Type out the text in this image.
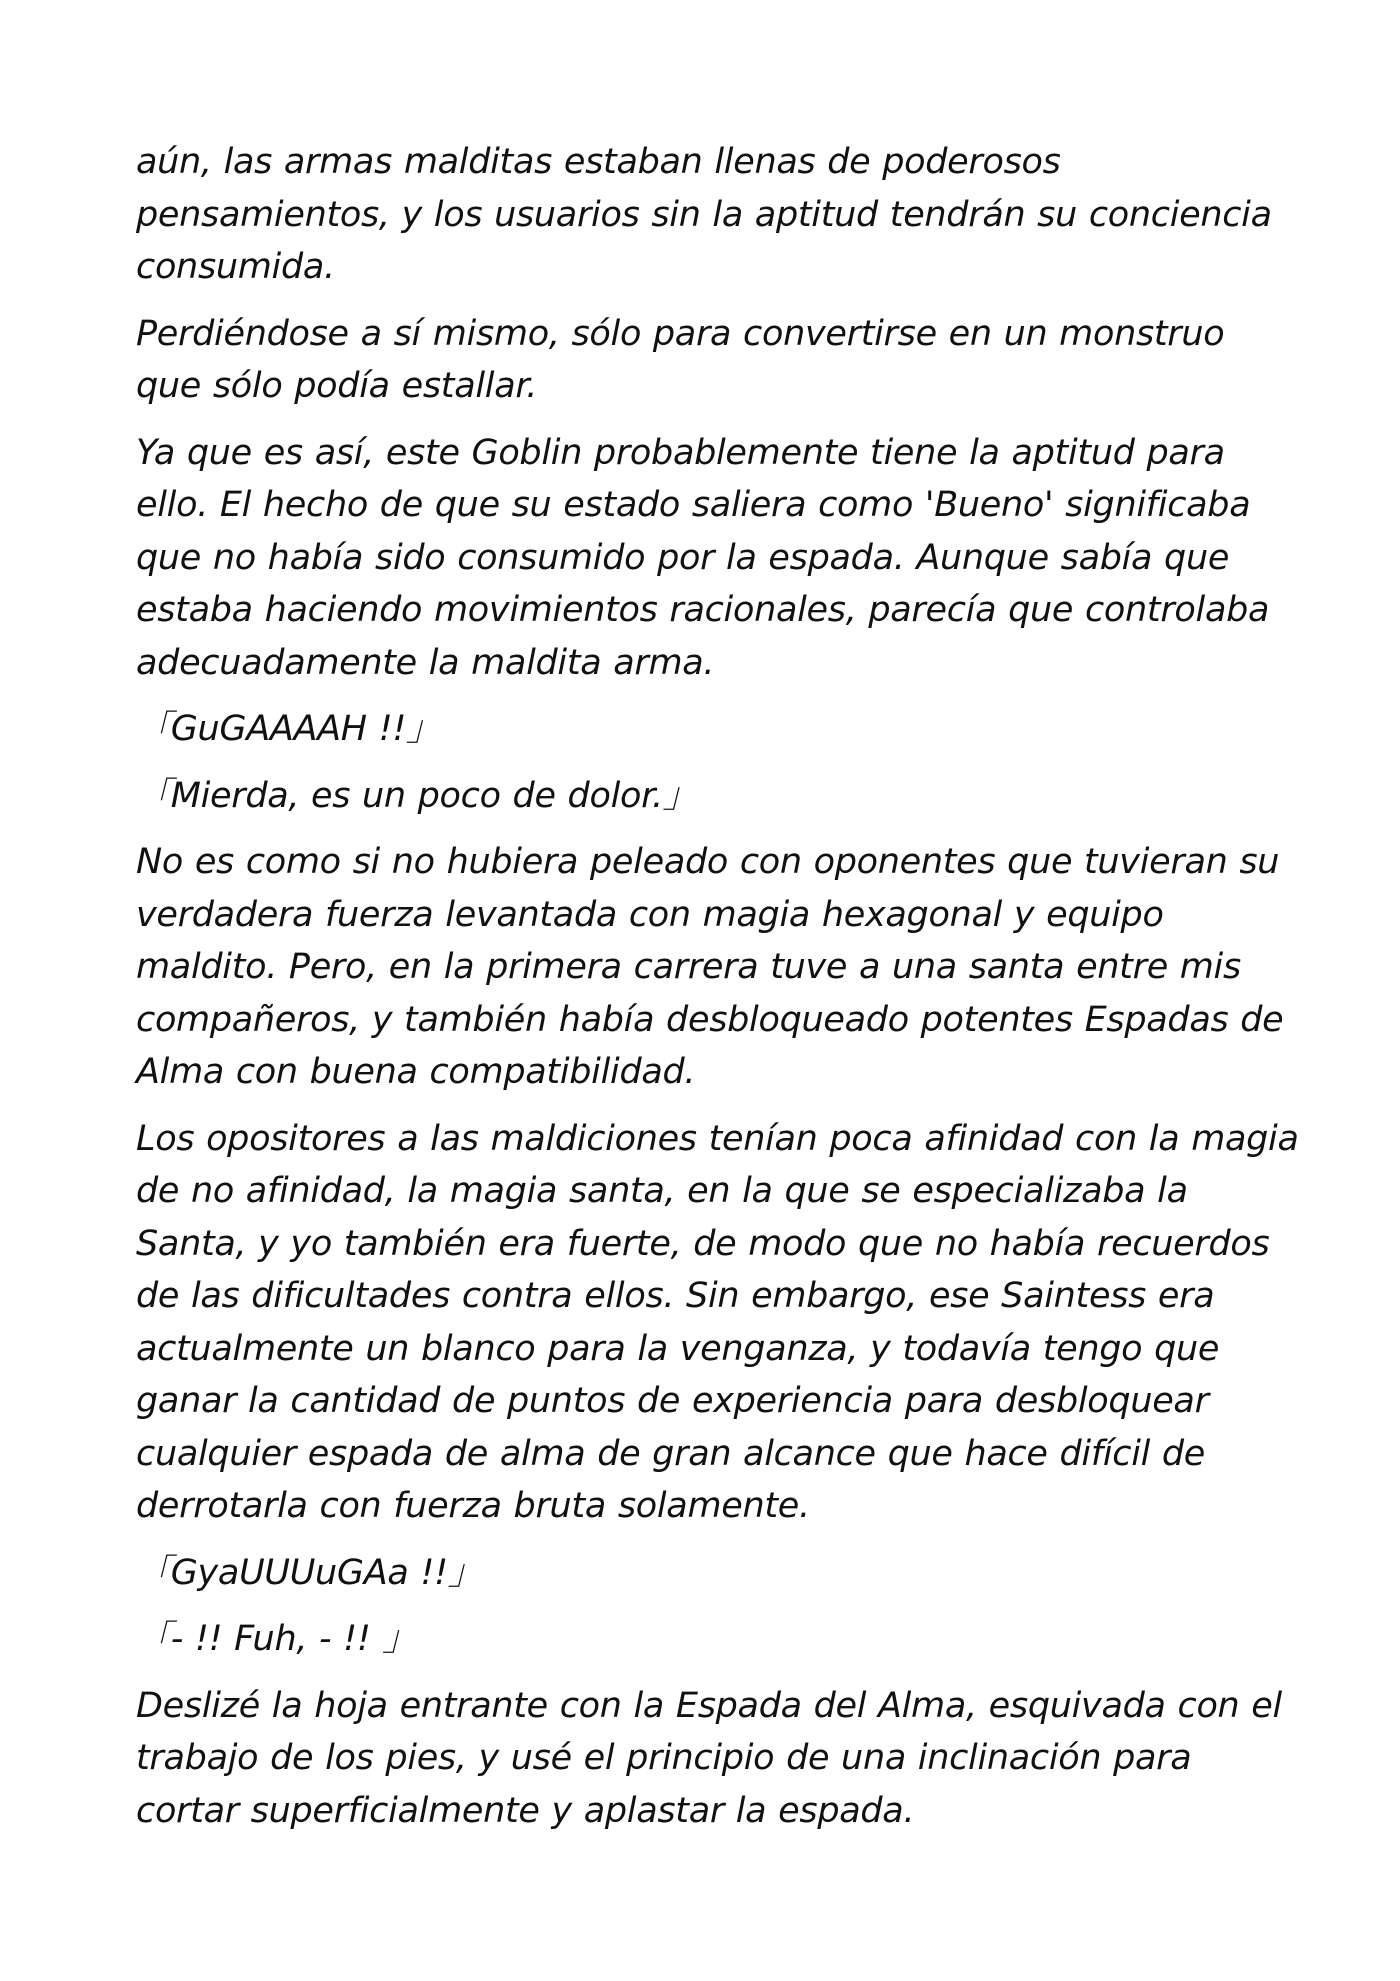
aún, las armas malditas estaban llenas de poderosos pensamientos, y los usuarios sin la aptitud tendrán su conciencia consumida.

Perdiéndose a sí mismo, sólo para convertirse en un monstruo que sólo podía estallar.

Ya que es así, este Goblin probablemente tiene la aptitud para ello. El hecho de que su estado saliera como 'Bueno' significaba que no había sido consumido por la espada. Aunque sabía que estaba haciendo movimientos racionales, parecía que controlaba adecuadamente la maldita arma.

「GuGAAAAH !!」

「Mierda, es un poco de dolor.」

No es como si no hubiera peleado con oponentes que tuvieran su verdadera fuerza levantada con magia hexagonal y equipo maldito. Pero, en la primera carrera tuve a una santa entre mis compañeros, y también había desbloqueado potentes Espadas de Alma con buena compatibilidad.

Los opositores a las maldiciones tenían poca afinidad con la magia de no afinidad, la magia santa, en la que se especializaba la Santa, y yo también era fuerte, de modo que no había recuerdos de las dificultades contra ellos. Sin embargo, ese Saintess era actualmente un blanco para la venganza, y todavía tengo que ganar la cantidad de puntos de experiencia para desbloquear cualquier espada de alma de gran alcance que hace difícil de derrotarla con fuerza bruta solamente.

「GyaUUUuGAa !!」

「- !! Fuh, - !! 」

Deslizé la hoja entrante con la Espada del Alma, esquivada con el trabajo de los pies, y usé el principio de una inclinación para cortar superficialmente y aplastar la espada.
